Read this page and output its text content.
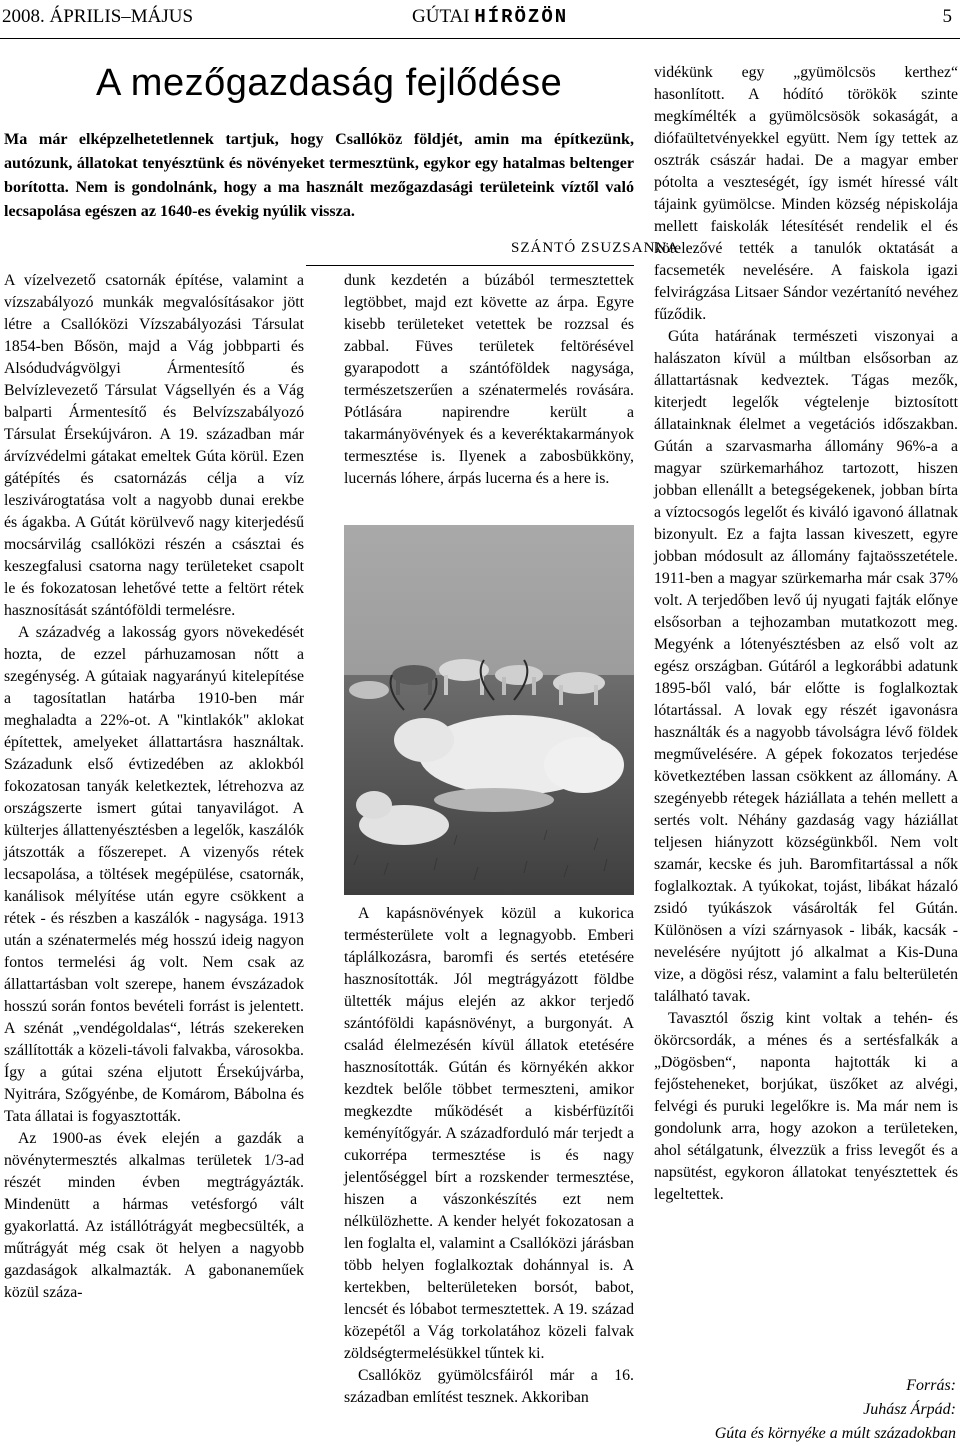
2008. ÁPRILIS–MÁJUS	GÚTAI HÍRÖZÖN	5
A mezőgazdaság fejlődése
Ma már elképzelhetetlennek tartjuk, hogy Csallóköz földjét, amin ma építkezünk, autózunk, állatokat tenyésztünk és növényeket termesztünk, egykor egy hatalmas beltenger borította. Nem is gondolnánk, hogy a ma használt mezőgazdasági területeink víztől való lecsapolása egészen az 1640-es évekig nyúlik vissza.
SZÁNTÓ ZSUZSANNA

A vízelvezető csatornák építése, valamint a vízszabályozó munkák megvalósításakor jött létre a Csallóközi Vízszabályozási Társulat 1854-ben Bősön, majd a Vág jobbparti és Alsódudvágvölgyi Ármentesítő és Belvízlevezető Társulat Vágsellyén és a Vág balparti Ármentesítő és Belvízszabályozó Társulat Érsekújváron. A 19. században már árvízvédelmi gátakat emeltek Gúta körül. Ezen gátépítés és csatornázás célja a víz leszivárogtatása volt a nagyobb dunai erekbe és ágakba. A Gútát körülvevő nagy kiterjedésű mocsárvilág csallóközi részén a császtai és keszegfalusi csatorna nagy területeket csapolt le és fokozatosan lehetővé tette a feltört rétek hasznosítását szántóföldi termelésre.

A századvég a lakosság gyors növekedését hozta, de ezzel párhuzamosan nőtt a szegénység. A gútaiak nagyarányú kitelepítése a tagosítatlan határba 1910-ben már meghaladta a 22%-ot. A "kintlakók" aklokat építettek, amelyeket állattartásra használtak. Századunk első évtizedében az aklokból fokozatosan tanyák keletkeztek, létrehozva az országszerte ismert gútai tanyavilágot. A külterjes állattenyésztésben a legelők, kaszálók játszották a főszerepet. A vizenyős rétek lecsapolása, a töltések megépülése, csatornák, kanálisok mélyítése után egyre csökkent a rétek - és részben a kaszálók - nagysága. 1913 után a szénatermelés még hosszú ideig nagyon fontos termelési ág volt. Nem csak az állattartásban volt szerepe, hanem évszázadok hosszú során fontos bevételi forrást is jelentett. A szénát „vendégoldalas“, létrás szekereken szállították a közeli-távoli falvakba, városokba. Így a gútai széna eljutott Érsekújvárba, Nyitrára, Szőgyénbe, de Komárom, Bábolna és Tata állatai is fogyasztották.

Az 1900-as évek elején a gazdák a növénytermesztés alkalmas területek 1/3-ad részét minden évben megtrágyázták. Mindenütt a hármas vetésforgó vált gyakorlattá. Az istállótrágyát megbecsülték, a műtrágyát még csak öt helyen a nagyobb gazdaságok alkalmazták. A gabonaneműek közül száza-

dunk kezdetén a búzából termesztettek legtöbbet, majd ezt követte az árpa. Egyre kisebb területeket vetettek be rozzsal és zabbal. Füves területek feltörésével gyarapodott a szántóföldek nagysága, természetszerűen a szénatermelés rovására. Pótlására napirendre került a takarmányövények és a keveréktakarmányok termesztése is. Ilyenek a zabosbükköny, lucernás lóhere, árpás lucerna és a here is.

A kapásnövények közül a kukorica termésterülete volt a legnagyobb. Emberi táplálkozásra, baromfi és sertés etetésére hasznosították. Jól megtrágyázott földbe ültették május elején az akkor terjedő szántóföldi kapásnövényt, a burgonyát. A család élelmezésén kívül állatok etetésére hasznosították. Gútán és környékén akkor kezdtek belőle többet termeszteni, amikor megkezdte működését a kisbérfüzítői keményítőgyár. A századforduló már terjedt a cukorrépa termesztése is és nagy jelentőséggel bírt a rozskender termesztése, hiszen a vászonkészítés ezt nem nélkülözhette. A kender helyét fokozatosan a len foglalta el, valamint a Csallóközi járásban több helyen foglalkoztak dohánnyal is. A kertekben, belterületeken borsót, babot, lencsét és lóbabot termesztettek. A 19. század közepétől a Vág torkolatához közeli falvak zöldségtermelésükkel tűntek ki.

Csallóköz gyümölcsfáiról már a 16. században említést tesznek. Akkoriban

vidékünk egy „gyümölcsös kerthez“ hasonlított. A hódító törökök szinte megkímélték a gyümölcsösök sokaságát, a diófaültetvényekkel együtt. Nem így tettek az osztrák császár hadai. De a magyar ember pótolta a veszteségét, így ismét híressé vált tájaink gyümölcse. Minden község népiskolája mellett faiskolák létesítését rendelik el és kötelezővé tették a tanulók oktatását a facsemeték nevelésére. A faiskola igazi felvirágzása Litsaer Sándor vezértanító nevéhez fűződik.

Gúta határának természeti viszonyai a halászaton kívül a múltban elsősorban az állattartásnak kedveztek. Tágas mezők, kiterjedt legelők végtelenje biztosított állatainknak élelmet a vegetációs időszakban. Gútán a szarvasmarha állomány 96%-a a magyar szürkemarhához tartozott, hiszen jobban ellenállt a betegségekenek, jobban bírta a víztocsogós legelőt és kiváló igavonó állatnak bizonyult. Ez a fajta lassan kiveszett, egyre jobban módosult az állomány fajtaösszetétele. 1911-ben a magyar szürkemarha már csak 37% volt. A terjedőben levő új nyugati fajták előnye elsősorban a tejhozamban mutatkozott meg. Megyénk a lótenyésztésben az első volt az egész országban. Gútáról a legkorábbi adatunk 1895-ből való, bár előtte is foglalkoztak lótartással. A lovak egy részét igavonásra használták és a nagyobb távolságra lévő földek megművelésére. A gépek fokozatos terjedése következtében lassan csökkent az állomány. A szegényebb rétegek háziállata a tehén mellett a sertés volt. Néhány gazdaság vagy háziállat teljesen hiányzott községünkből. Nem volt szamár, kecske és juh. Baromfitartással a nők foglalkoztak. A tyúkokat, tojást, libákat házaló zsidó tyúkászok vásárolták fel Gútán. Különösen a vízi szárnyasok - libák, kacsák - nevelésére nyújtott jó alkalmat a Kis-Duna vize, a dögösi rész, valamint a falu belterületén található tavak.

Tavasztól őszig kint voltak a tehén- és ökörcsordák, a ménes és a sertésfalkák a „Dögösben“, naponta hajtották ki a fejősteheneket, borjúkat, üszőket az alvégi, felvégi és puruki legelőkre is. Ma már nem is gondolunk arra, hogy azokon a területeken, ahol sétálgatunk, élvezzük a friss levegőt és a napsütést, egykoron állatokat tenyésztettek és legeltettek.

Forrás:
Juhász Árpád:
Gúta és környéke a múlt századokban
